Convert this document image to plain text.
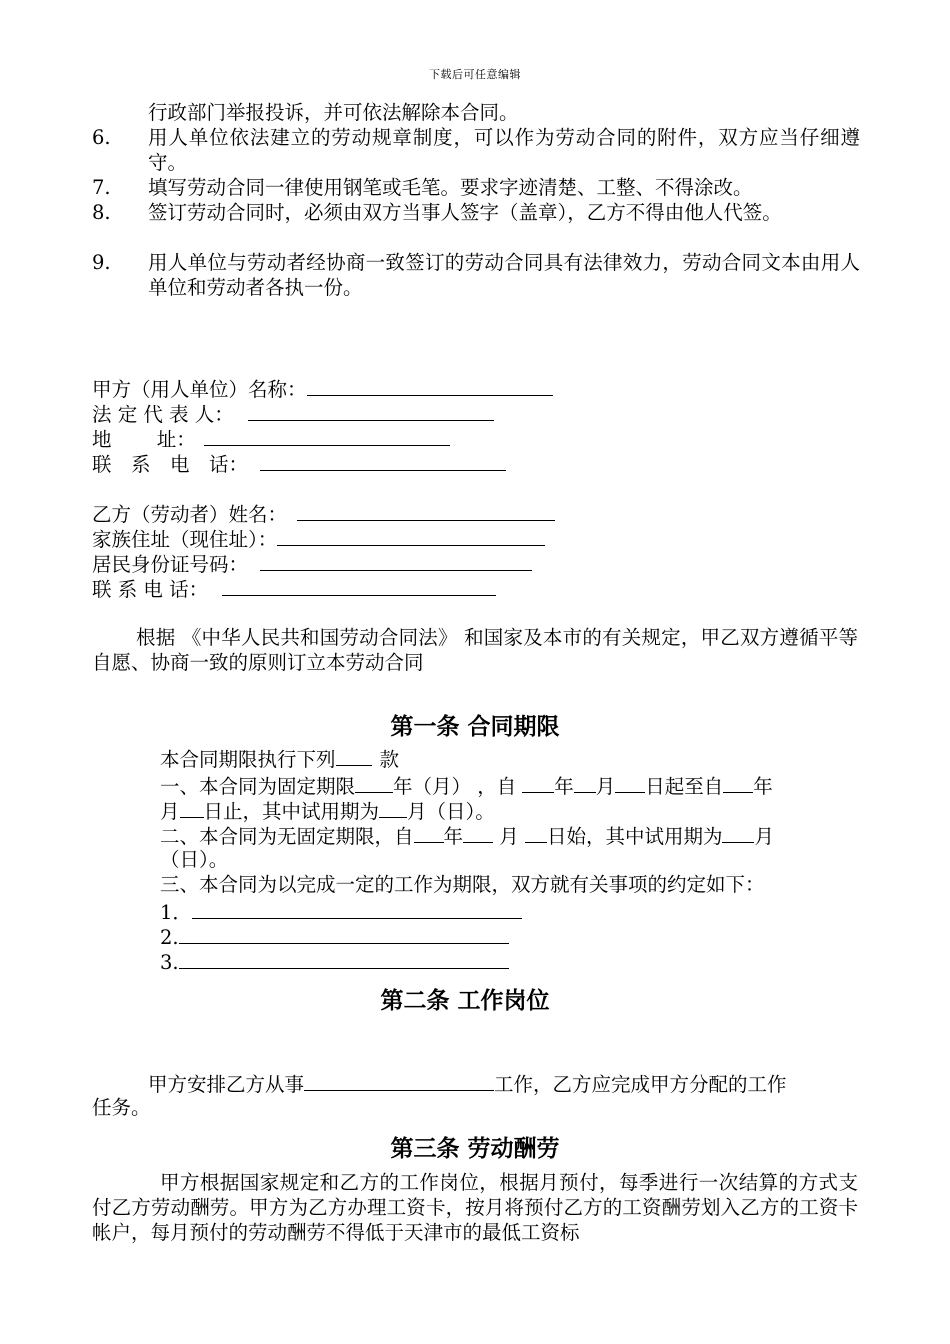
下载后可任意编辑
行政部门举报投诉，并可依法解除本合同。
6. 用人单位依法建立的劳动规章制度，可以作为劳动合同的附件，双方应当仔细遵守。
7. 填写劳动合同一律使用钢笔或毛笔。要求字迹清楚、工整、不得涂改。
8. 签订劳动合同时，必须由双方当事人签字（盖章），乙方不得由他人代签。
9. 用人单位与劳动者经协商一致签订的劳动合同具有法律效力，劳动合同文本由用人单位和劳动者各执一份。
甲方（用人单位）名称：
法 定 代 表 人：
地　　 址：
联　系　电　话：
乙方（劳动者）姓名：
家族住址（现住址）：
居民身份证号码：
联 系 电 话：
根据 《中华人民共和国劳动合同法》 和国家及本市的有关规定，甲乙双方遵循平等自愿、协商一致的原则订立本劳动合同
第一条 合同期限
本合同期限执行下列 款
一、本合同为固定期限 年（月） ，自 年 月 日起至自 年
月 日止，其中试用期为 月（日）。
二、本合同为无固定期限，自 年 月 日始，其中试用期为 月
（日）。
三、本合同为以完成一定的工作为期限，双方就有关事项的约定如下：
1．
2.
3.
第二条 工作岗位
甲方安排乙方从事	工作，乙方应完成甲方分配的工作
任务。
第三条 劳动酬劳
甲方根据国家规定和乙方的工作岗位，根据月预付，每季进行一次结算的方式支付乙方劳动酬劳。甲方为乙方办理工资卡，按月将预付乙方的工资酬劳划入乙方的工资卡帐户，每月预付的劳动酬劳不得低于天津市的最低工资标
